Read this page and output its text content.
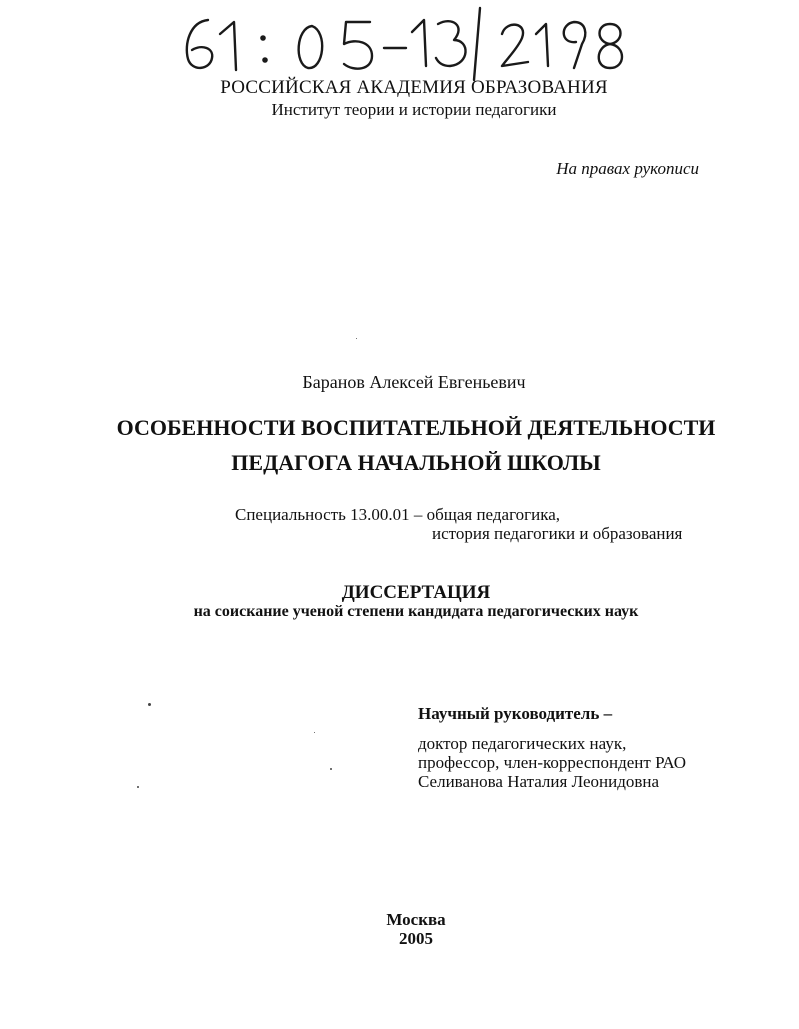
РОССИЙСКАЯ АКАДЕМИЯ ОБРАЗОВАНИЯ
Институт теории и истории педагогики
На правах рукописи
Баранов Алексей Евгеньевич
ОСОБЕННОСТИ ВОСПИТАТЕЛЬНОЙ ДЕЯТЕЛЬНОСТИ
ПЕДАГОГА НАЧАЛЬНОЙ ШКОЛЫ
Специальность 13.00.01 – общая педагогика,
история педагогики и образования
ДИССЕРТАЦИЯ
на соискание ученой степени кандидата педагогических наук
Научный руководитель –
доктор педагогических наук,
профессор, член-корреспондент РАО
Селиванова Наталия Леонидовна
Москва
2005
